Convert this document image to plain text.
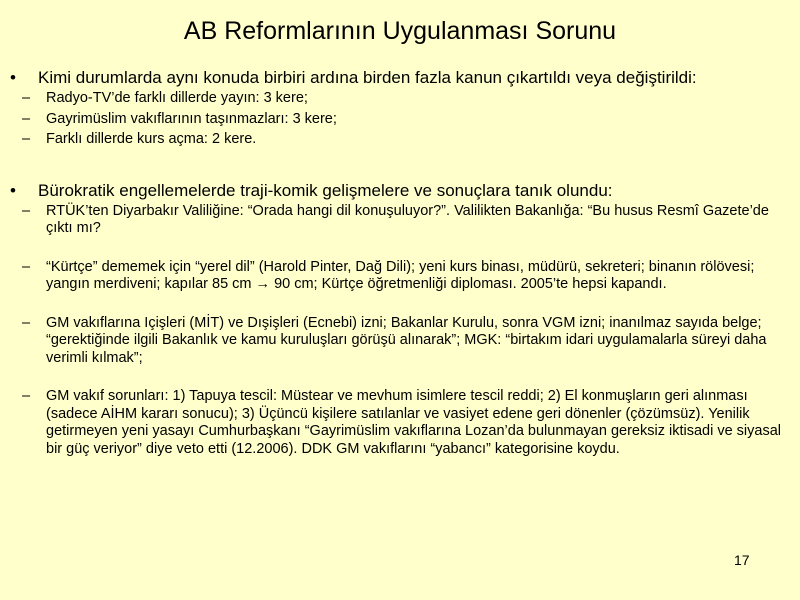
AB Reformlarının Uygulanması Sorunu
•	Kimi durumlarda aynı konuda birbiri ardına birden fazla kanun çıkartıldı veya değiştirildi:
– Radyo-TV’de farklı dillerde yayın: 3 kere;
– Gayrimüslim vakıflarının taşınmazları: 3 kere;
– Farklı dillerde kurs açma: 2 kere.
•	Bürokratik engellemelerde traji-komik gelişmelere ve sonuçlara tanık olundu:
– RTÜK’ten Diyarbakır Valiliğine: “Orada hangi dil konuşuluyor?”. Valilikten Bakanlığa: “Bu husus Resmî Gazete’de çıktı mı?
– “Kürtçe” dememek için “yerel dil” (Harold Pinter, Dağ Dili); yeni kurs binası, müdürü, sekreteri; binanın rölövesi; yangın merdiveni; kapılar 85 cm → 90 cm; Kürtçe öğretmenliği diploması. 2005’te hepsi kapandı.
– GM vakıflarına Içişleri (MİT) ve Dışişleri (Ecnebi) izni; Bakanlar Kurulu, sonra VGM izni; inanılmaz sayıda belge; “gerektiğinde ilgili Bakanlık ve kamu kuruluşları görüşü alınarak”; MGK: “birtakım idari uygulamalarla süreyi daha verimli kılmak”;
– GM vakıf sorunları: 1) Tapuya tescil: Müstear ve mevhum isimlere tescil reddi; 2) El konmuşların geri alınması (sadece AİHM kararı sonucu); 3) Üçüncü kişilere satılanlar ve vasiyet edene geri dönenler (çözümsüz). Yenilik getirmeyen yeni yasayı Cumhurbaşkanı “Gayrimüslim vakıflarına Lozan’da bulunmayan gereksiz iktisadi ve siyasal bir güç veriyor” diye veto etti (12.2006). DDK GM vakıflarını “yabancı” kategorisine koydu.
17
